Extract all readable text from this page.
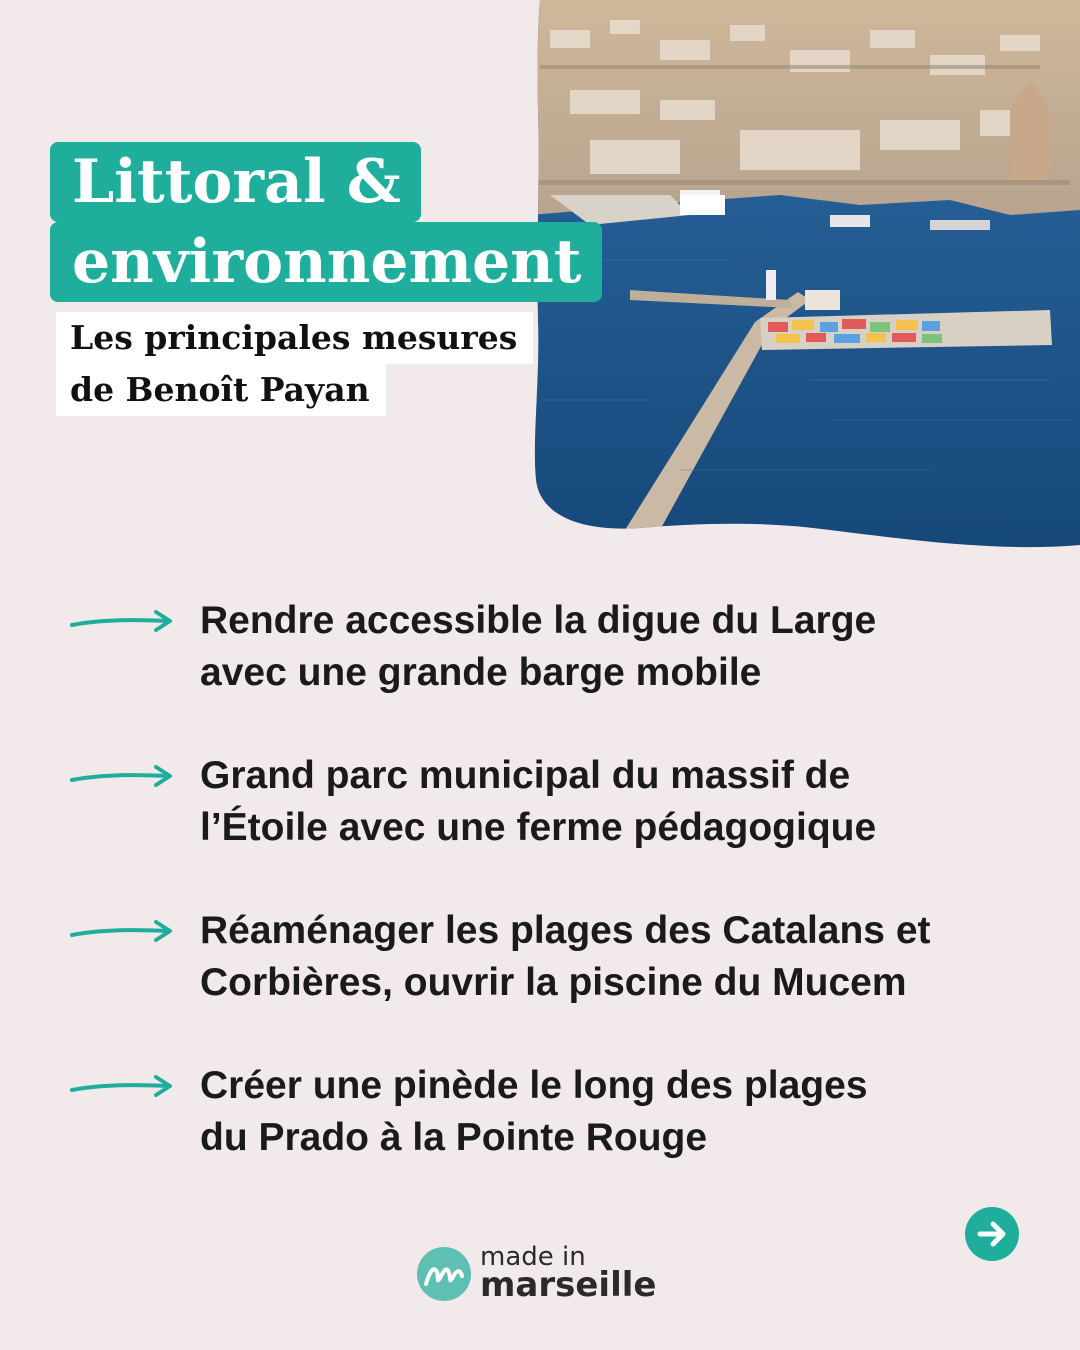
Littoral &
environnement
Les principales mesures
de Benoît Payan
Rendre accessible la digue du Large
avec une grande barge mobile
Grand parc municipal du massif de
l’Étoile avec une ferme pédagogique
Réaménager les plages des Catalans et
Corbières, ouvrir la piscine du Mucem
Créer une pinède le long des plages
du Prado à la Pointe Rouge
made in
marseille
